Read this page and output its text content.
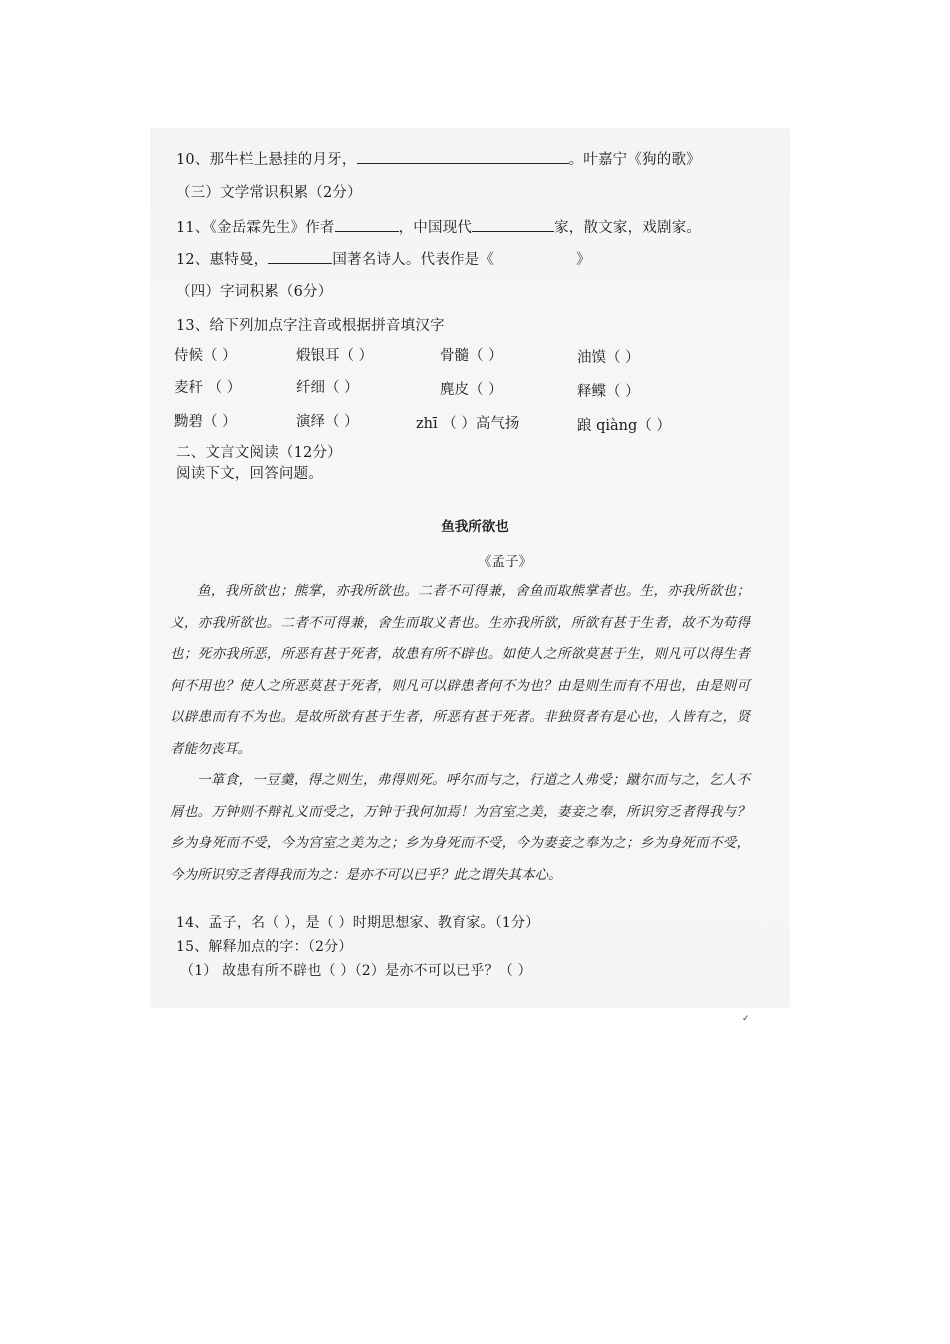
10、那牛栏上悬挂的月牙，	。叶嘉宁《狗的歌》
（三）文学常识积累（2分）
11、《金岳霖先生》作者	，中国现代	家，散文家，戏剧家。
12、惠特曼，	国著名诗人。代表作是《	》
（四）字词积累（6分）
13、给下列加点字注音或根据拼音填汉字
侍候（ ）	煅银耳（ ）	骨髓（ ）	油馍（ ）
麦秆 （ ）	纤细（ ）	麂皮（ ）	释鲽（ ）
黝碧（ ）	演绎（ ）	zhī （ ）高气扬	踉 qiàng（ ）
二、文言文阅读（12分）
阅读下文，回答问题。
鱼我所欲也
《孟子》

鱼，我所欲也；熊掌，亦我所欲也。二者不可得兼，舍鱼而取熊掌者也。生，亦我所欲也；义，亦我所欲也。二者不可得兼，舍生而取义者也。生亦我所欲，所欲有甚于生者，故不为苟得也；死亦我所恶，所恶有甚于死者，故患有所不辟也。如使人之所欲莫甚于生，则凡可以得生者何不用也？使人之所恶莫甚于死者，则凡可以辟患者何不为也？由是则生而有不用也，由是则可以辟患而有不为也。是故所欲有甚于生者，所恶有甚于死者。非独贤者有是心也，人皆有之，贤者能勿丧耳。

一箪食，一豆羹，得之则生，弗得则死。呼尔而与之，行道之人弗受；蹴尔而与之，乞人不屑也。万钟则不辩礼义而受之，万钟于我何加焉！为宫室之美，妻妾之奉，所识穷乏者得我与？乡为身死而不受，今为宫室之美为之；乡为身死而不受，今为妻妾之奉为之；乡为身死而不受，今为所识穷乏者得我而为之：是亦不可以已乎？此之谓失其本心。

14、孟子，名（ ），是（ ）时期思想家、教育家。（1分）
15、解释加点的字：（2分）
（1） 故患有所不辟也（ ）（2）是亦不可以已乎？（ ）
✓
